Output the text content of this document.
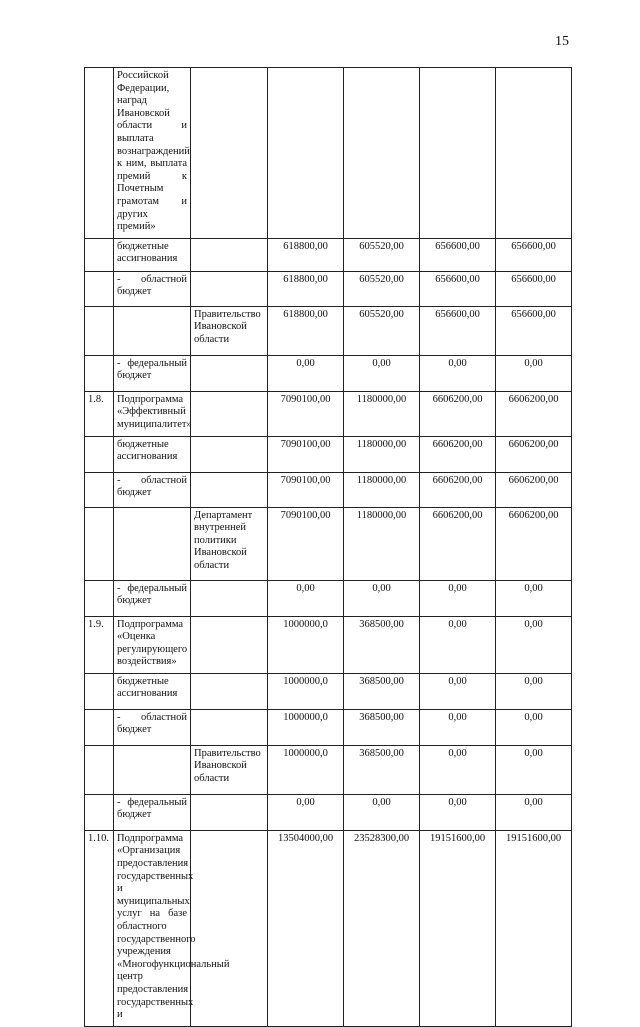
15
	Российской Федерации, наград Ивановской области и выплата вознаграждений к ним, выплата премий к Почетным грамотам и других премий»					
	бюджетные ассигнования		618800,00	605520,00	656600,00	656600,00
	- областной бюджет		618800,00	605520,00	656600,00	656600,00
		Правительство Ивановской области	618800,00	605520,00	656600,00	656600,00
	- федеральный бюджет		0,00	0,00	0,00	0,00
1.8.	Подпрограмма «Эффективный муниципалитет»		7090100,00	1180000,00	6606200,00	6606200,00
	бюджетные ассигнования		7090100,00	1180000,00	6606200,00	6606200,00
	- областной бюджет		7090100,00	1180000,00	6606200,00	6606200,00
		Департамент внутренней политики Ивановской области	7090100,00	1180000,00	6606200,00	6606200,00
	- федеральный бюджет		0,00	0,00	0,00	0,00
1.9.	Подпрограмма «Оценка регулирующего воздействия»		1000000,0	368500,00	0,00	0,00
	бюджетные ассигнования		1000000,0	368500,00	0,00	0,00
	- областной бюджет		1000000,0	368500,00	0,00	0,00
		Правительство Ивановской области	1000000,0	368500,00	0,00	0,00
	- федеральный бюджет		0,00	0,00	0,00	0,00
1.10.	Подпрограмма «Организация предоставления государственных и муниципальных услуг на базе областного государственного учреждения «Многофункциональный центр предоставления государственных и		13504000,00	23528300,00	19151600,00	19151600,00
